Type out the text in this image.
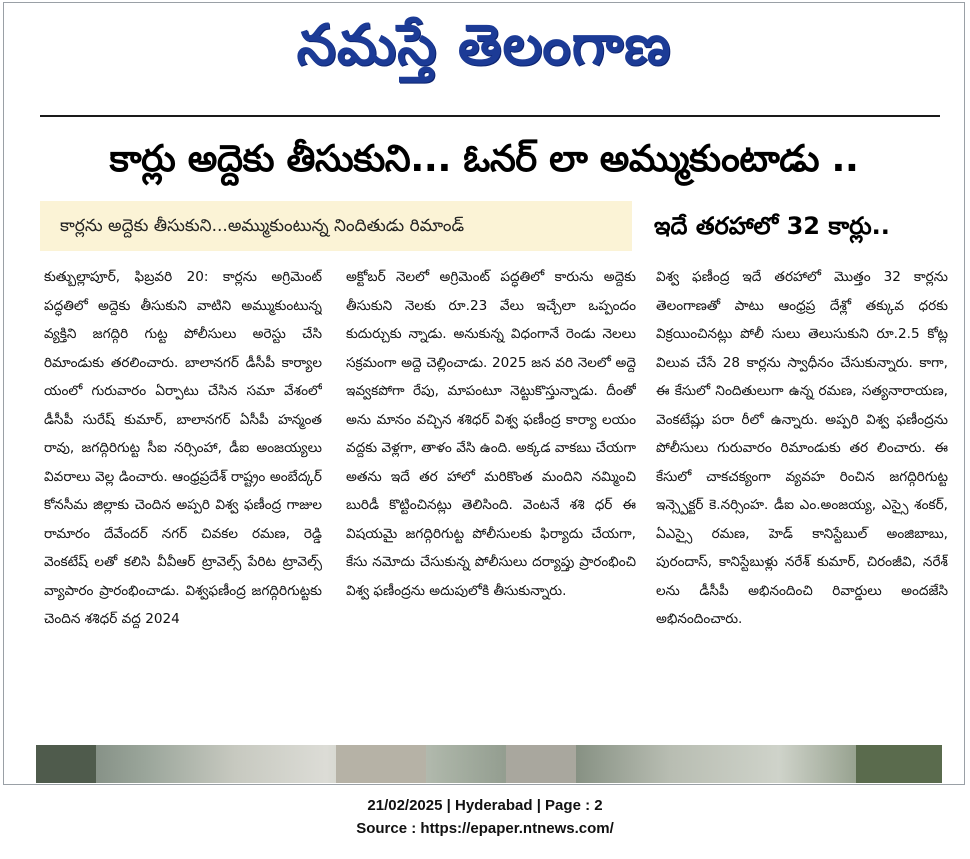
నమస్తే తెలంగాణ
కార్లు అద్దెకు తీసుకుని... ఓనర్ లా అమ్ముకుంటాడు ..
కార్లను అద్దెకు తీసుకుని...అమ్ముకుంటున్న నిందితుడు రిమాండ్	ఇదే తరహాలో 32 కార్లు..
కుత్బుల్లాపూర్, ఫిబ్రవరి 20: కార్లను అగ్రిమెంట్ పద్ధతిలో అద్దెకు తీసుకుని వాటిని అమ్ముకుంటున్న వ్యక్తిని జగద్గిరి గుట్ట పోలీసులు అరెస్టు చేసి రిమాండుకు తరలించారు. బాలానగర్ డీసీపీ కార్యాల యంలో గురువారం ఏర్పాటు చేసిన సమా వేశంలో డీసీపీ సురేష్ కుమార్, బాలానగర్ ఏసీపీ హన్మంత రావు, జగద్గిరిగుట్ట సీఐ నర్సింహా, డీఐ అంజయ్యలు వివరాలు వెల్ల డించారు. ఆంధ్రప్రదేశ్ రాష్ట్రం అంబేద్కర్ కోనసీమ జిల్లాకు చెందిన అప్పరి విశ్వ ఫణీంద్ర గాజుల రామారం దేవేందర్ నగర్ చివకల రమణ, రెడ్డి వెంకటేష్ లతో కలిసి వీవీఆర్ ట్రావెల్స్ పేరిట ట్రావెల్స్ వ్యాపారం ప్రారంభించాడు. విశ్వఫణీంద్ర జగద్గిరిగుట్టకు చెందిన శశిధర్ వద్ద 2024
అక్టోబర్ నెలలో అగ్రిమెంట్ పద్ధతిలో కారును అద్దెకు తీసుకుని నెలకు రూ.23 వేలు ఇచ్చేలా ఒప్పందం కుదుర్చుకు న్నాడు. అనుకున్న విధంగానే రెండు నెలలు సక్రమంగా అద్దె చెల్లించాడు. 2025 జన వరి నెలలో అద్దె ఇవ్వకపోగా రేపు, మాపంటూ నెట్టుకొస్తున్నాడు. దీంతో అను మానం వచ్చిన శశిధర్ విశ్వ ఫణీంద్ర కార్యా లయం వద్దకు వెళ్లగా, తాళం వేసి ఉంది. అక్కడ వాకబు చేయగా అతను ఇదే తర హాలో మరికొంత మందిని నమ్మించి బురిడీ కొట్టించినట్లు తెలిసింది. వెంటనే శశి ధర్ ఈ విషయమై జగద్గిరిగుట్ట పోలీసులకు ఫిర్యాదు చేయగా, కేసు నమోదు చేసుకున్న పోలీసులు దర్యాప్తు ప్రారంభించి విశ్వ ఫణీంద్రను అదుపులోకి తీసుకున్నారు.
విశ్వ ఫణీంద్ర ఇదే తరహాలో మొత్తం 32 కార్లను తెలంగాణతో పాటు ఆంధ్రప్ర దేశ్లో తక్కువ ధరకు విక్రయించినట్లు పోలీ సులు తెలుసుకుని రూ.2.5 కోట్ల విలువ చేసే 28 కార్లను స్వాధీనం చేసుకున్నారు. కాగా, ఈ కేసులో నిందితులుగా ఉన్న రమణ, సత్యనారాయణ, వెంకటేష్లు పరా రీలో ఉన్నారు. అప్పరి విశ్వ ఫణీంద్రను పోలీసులు గురువారం రిమాండుకు తర లించారు. ఈ కేసులో చాకచక్యంగా వ్యవహ రించిన జగద్గిరిగుట్ట ఇన్స్పెక్టర్ కె.నర్సింహ. డీఐ ఎం.అంజయ్య, ఎస్సై శంకర్, ఏఎస్సై రమణ, హెడ్ కానిస్టేబుల్ అంజిబాబు, పురందాస్, కానిస్టేబుళ్లు నరేశ్ కుమార్, చిరంజీవి, నరేశ్ లను డీసీపీ అభినందించి రివార్డులు అందజేసి అభినందించారు.
21/02/2025 | Hyderabad | Page : 2
Source : https://epaper.ntnews.com/
